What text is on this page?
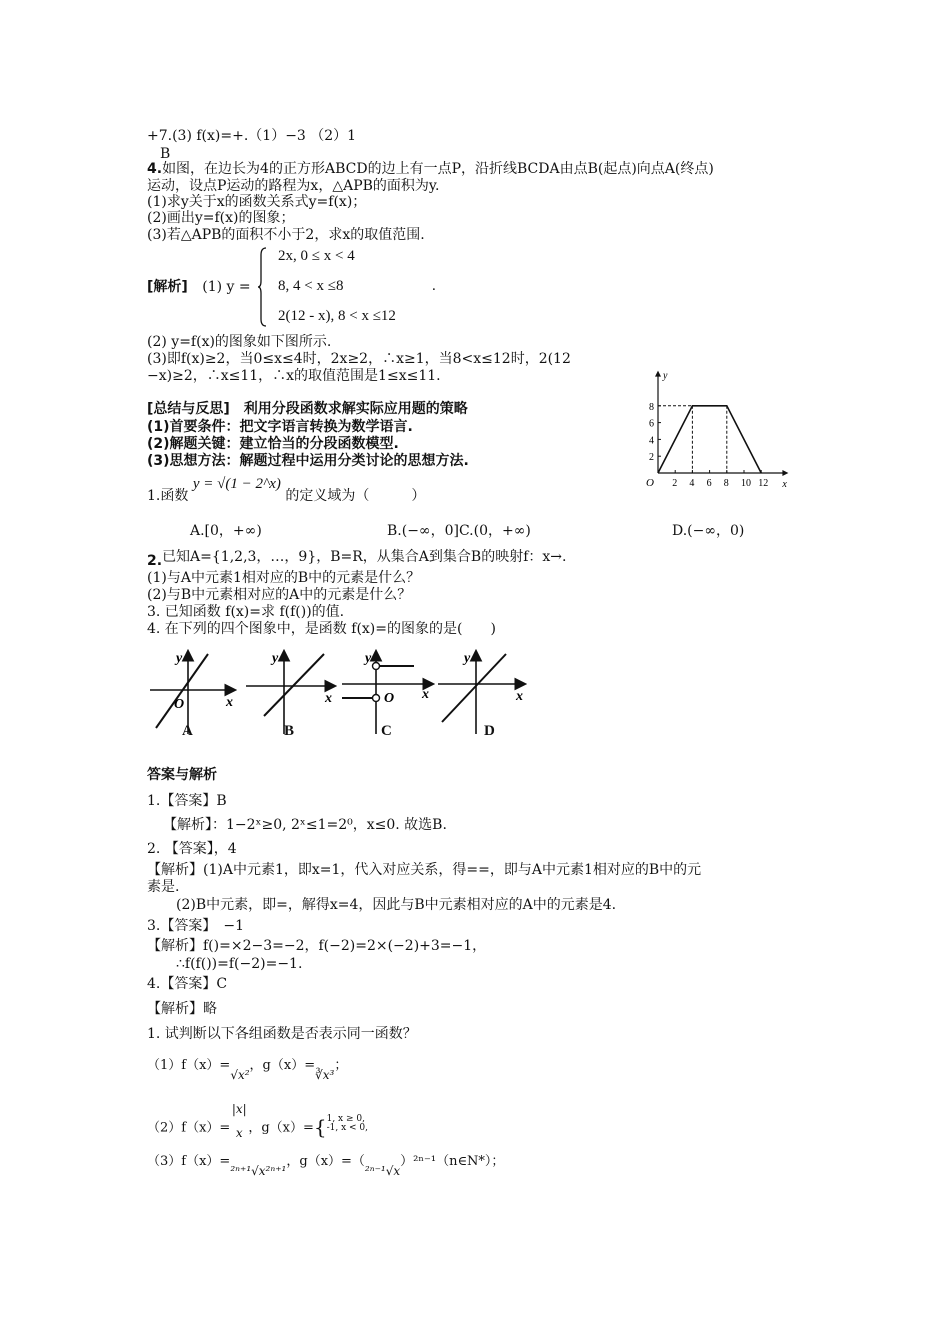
+7.(3) f(x)=+.（1）−3 （2）1
B
4.如图，在边长为4的正方形ABCD的边上有一点P，沿折线BCDA由点B(起点)向点A(终点)
运动，设点P运动的路程为x，△APB的面积为y.
(1)求y关于x的函数关系式y=f(x)；
(2)画出y=f(x)的图象；
(3)若△APB的面积不小于2，求x的取值范围.
[解析] (1) y =
2x, 0 ≤ x < 4
8, 4 < x ≤8
2(12 - x), 8 < x ≤12
.
(2) y=f(x)的图象如下图所示.
(3)即f(x)≥2，当0≤x≤4时，2x≥2，∴x≥1，当8<x≤12时，2(12
−x)≥2，∴x≤11，∴x的取值范围是1≤x≤11.
[总结与反思]　利用分段函数求解实际应用题的策略
(1)首要条件：把文字语言转换为数学语言.
(2)解题关键：建立恰当的分段函数模型.
(3)思想方法：解题过程中运用分类讨论的思想方法.
x
y
O 2 4 6 8 10 12
2
4
6
8
1.函数 y = √(1 − 2^x) 的定义域为（　　　）
A.[0，+∞)	B.(−∞，0]C.(0，+∞)	D.(−∞，0)
2.已知A={1,2,3，…，9}，B=R，从集合A到集合B的映射f：x→.
(1)与A中元素1相对应的B中的元素是什么？
(2)与B中元素相对应的A中的元素是什么？
3. 已知函数 f(x)=求 f(f())的值.
4. 在下列的四个图象中，是函数 f(x)=的图象的是(　　)
y
O	x
y
x
y
O x
y
x
A	B	C	D
答案与解析
1.【答案】B
【解析】：1−2ˣ≥0, 2ˣ≤1=2⁰，x≤0. 故选B.
2. 【答案】，4
【解析】(1)A中元素1，即x=1，代入对应关系，得==，即与A中元素1相对应的B中的元
素是.
(2)B中元素，即=，解得x=4，因此与B中元素相对应的A中的元素是4.
3.【答案】　−1
【解析】f()=×2−3=−2，f(−2)=2×(−2)+3=−1，
∴f(f())=f(−2)=−1.
4.【答案】C
【解析】略
1. 试判断以下各组函数是否表示同一函数？
（1）f（x）=√x²，g（x）=∛x³；
（2）f（x）=
|x|
x ，g（x）={ 1, x ≥ 0,
-1, x < 0,
（3）f（x）=²ⁿ⁺¹√x²ⁿ⁺¹，g（x）=（²ⁿ⁻¹√x）²ⁿ⁻¹（n∈N*）；
